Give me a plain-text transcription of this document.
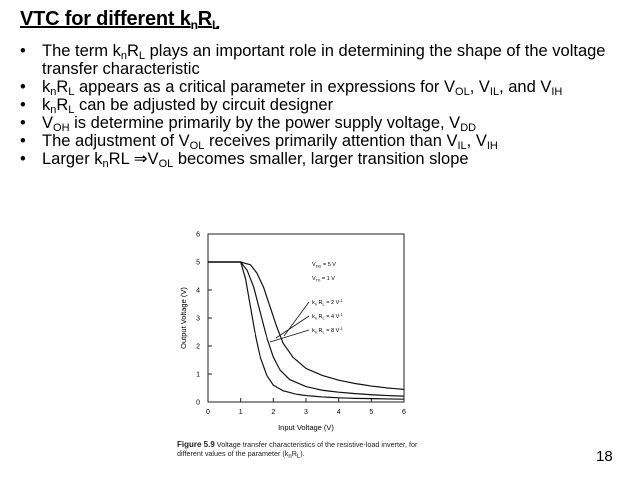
VTC for different $k_nR_L$
• The term $k_nR_L$ plays an important role in determining the shape of the voltage transfer characteristic
• $k_nR_L$ appears as a critical parameter in expressions for $V_{OL}$, $V_{IL}$, and $V_{IH}$
• $k_nR_L$ can be adjusted by circuit designer
• $V_{OH}$ is determine primarily by the power supply voltage, $V_{DD}$
• The adjustment of $V_{OL}$ receives primarily attention than $V_{IL}$, $V_{IH}$
• Larger $k_nRL$ $\Rightarrow V_{OL}$ becomes smaller, larger transition slope
0	1	2	3	4	5	6
0
1
2
3
4
5
6
Input Voltage (V)
Output Voltage (V)
$V_{DD} = 5$ V
$V_{T0} = 1$ V
$k_n$ $R_L = 2$ $V^{-1}$
$k_n$ $R_L = 4$ $V^{-1}$
$k_n$ $R_L = 8$ $V^{-1}$
Figure 5.9 Voltage transfer characteristics of the resistive-load inverter, for different values of the parameter $(k_nR_L)$.	18
